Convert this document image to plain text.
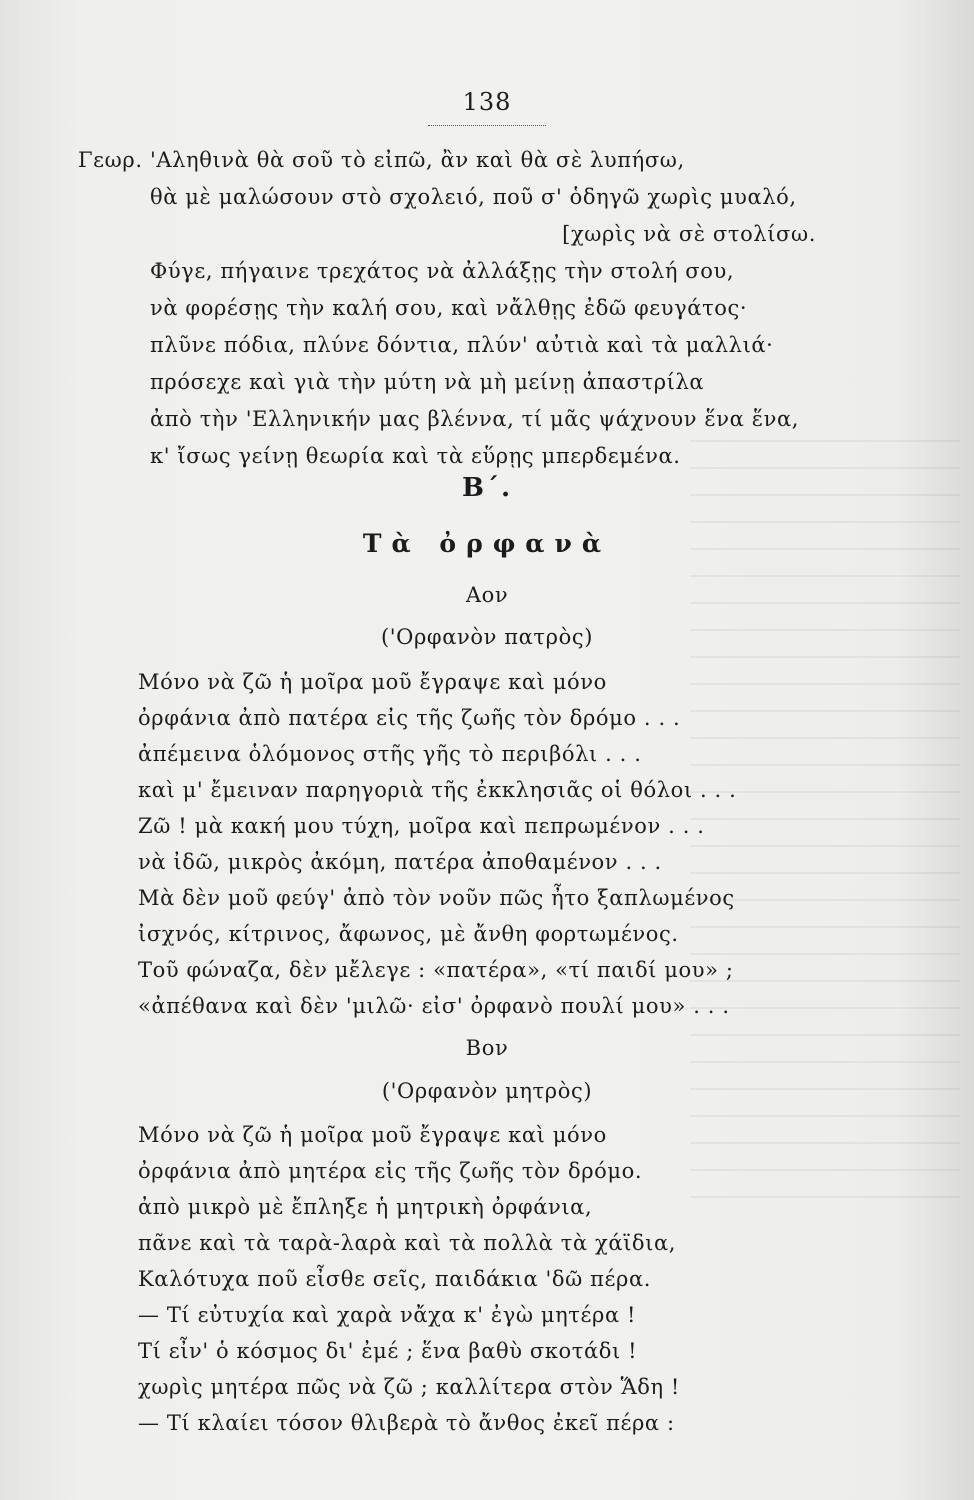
138
Γεωρ. 'Αληθινὰ θὰ σοῦ τὸ εἰπῶ, ἂν καὶ θὰ σὲ λυπήσω,
θὰ μὲ μαλώσουν στὸ σχολειό, ποῦ σ' ὁδηγῶ χωρὶς μυαλό,
[χωρὶς νὰ σὲ στολίσω.
Φύγε, πήγαινε τρεχάτος νὰ ἀλλάξῃς τὴν στολή σου,
νὰ φορέσῃς τὴν καλή σου, καὶ νἄλθῃς ἐδῶ φευγάτος·
πλῦνε πόδια, πλύνε δόντια, πλύν' αὐτιὰ καὶ τὰ μαλλιά·
πρόσεχε καὶ γιὰ τὴν μύτη νὰ μὴ μείνῃ ἀπαστρίλα
ἀπὸ τὴν 'Ελληνικήν μας βλέννα, τί μᾶς ψάχνουν ἕνα ἕνα,
κ' ἴσως γείνῃ θεωρία καὶ τὰ εὕρῃς μπερδεμένα.
B΄.
Τὰ ὀρφανὰ
Αον
('Ορφανὸν πατρὸς)
Μόνο νὰ ζῶ ἡ μοῖρα μοῦ ἔγραψε καὶ μόνο
ὀρφάνια ἀπὸ πατέρα εἰς τῆς ζωῆς τὸν δρόμο . . .
ἀπέμεινα ὁλόμονος στῆς γῆς τὸ περιβόλι . . .
καὶ μ' ἔμειναν παρηγοριὰ τῆς ἐκκλησιᾶς οἱ θόλοι . . .
Ζῶ ! μὰ κακή μου τύχη, μοῖρα καὶ πεπρωμένον . . .
νὰ ἰδῶ, μικρὸς ἀκόμη, πατέρα ἀποθαμένον . . .
Μὰ δὲν μοῦ φεύγ' ἀπὸ τὸν νοῦν πῶς ἦτο ξαπλωμένος
ἰσχνός, κίτρινος, ἄφωνος, μὲ ἄνθη φορτωμένος.
Τοῦ φώναζα, δὲν μἔλεγε : «πατέρα», «τί παιδί μου» ;
«ἀπέθανα καὶ δὲν 'μιλῶ· εἰσ' ὀρφανὸ πουλί μου» . . .
Βον
('Ορφανὸν μητρὸς)
Μόνο νὰ ζῶ ἡ μοῖρα μοῦ ἔγραψε καὶ μόνο
ὀρφάνια ἀπὸ μητέρα εἰς τῆς ζωῆς τὸν δρόμο.
ἀπὸ μικρὸ μὲ ἔπληξε ἡ μητρικὴ ὀρφάνια,
πᾶνε καὶ τὰ ταρὰ-λαρὰ καὶ τὰ πολλὰ τὰ χάϊδια,
Καλότυχα ποῦ εἶσθε σεῖς, παιδάκια 'δῶ πέρα.
— Τί εὐτυχία καὶ χαρὰ νἄχα κ' ἐγὼ μητέρα !
Τί εἶν' ὁ κόσμος δι' ἐμέ ; ἕνα βαθὺ σκοτάδι !
χωρὶς μητέρα πῶς νὰ ζῶ ; καλλίτερα στὸν Ἅδη !
— Τί κλαίει τόσον θλιβερὰ τὸ ἄνθος ἐκεῖ πέρα :
